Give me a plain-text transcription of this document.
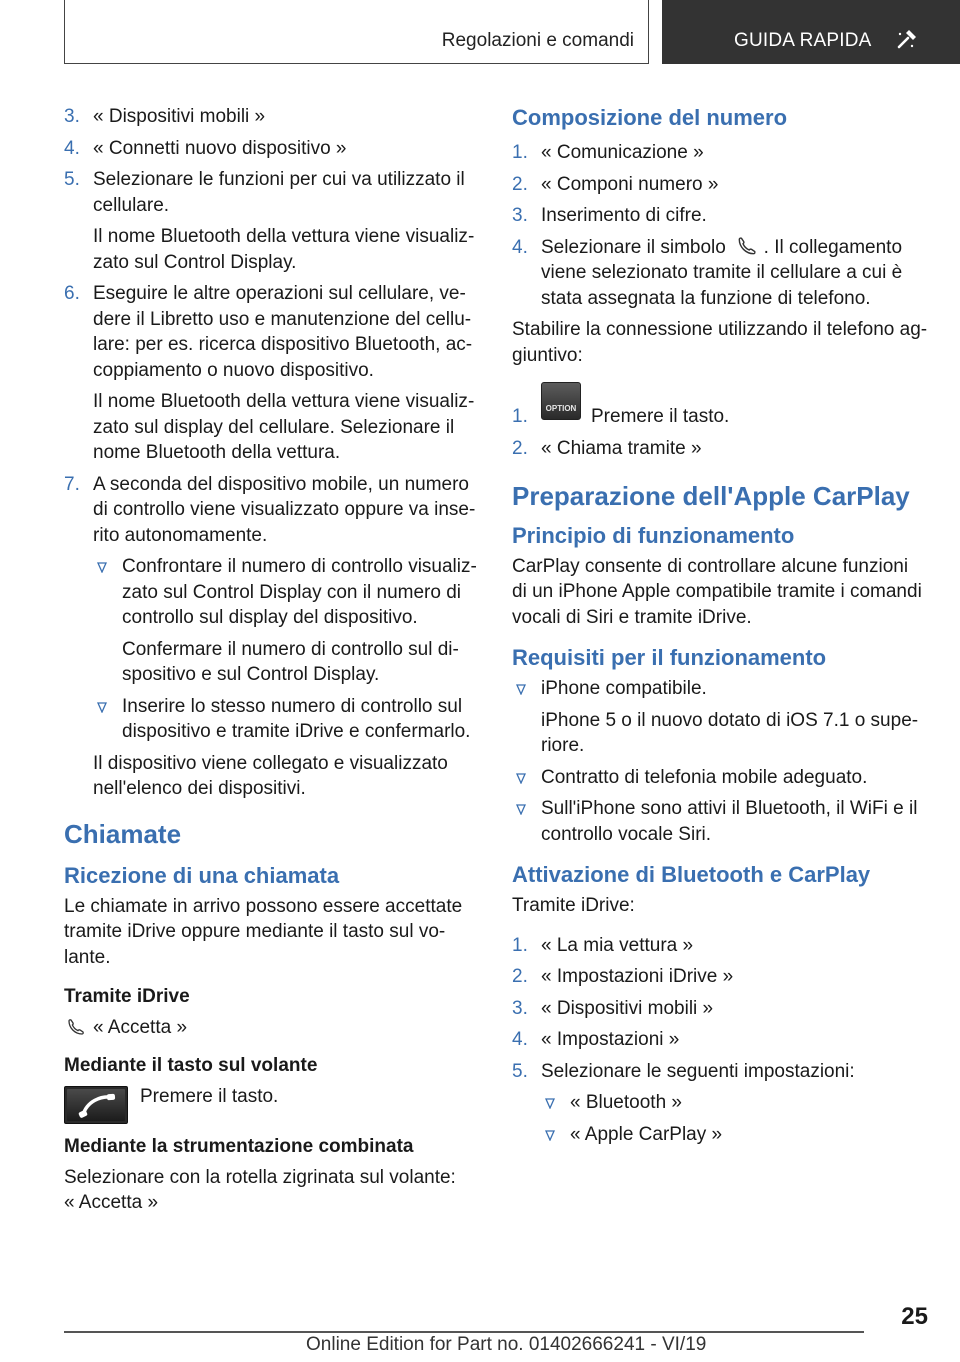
Regolazioni e comandi	GUIDA RAPIDA
3. « Dispositivi mobili »

4. « Connetti nuovo dispositivo »

5. Selezionare le funzioni per cui va utilizzato il cellulare.

Il nome Bluetooth della vettura viene visualizzato sul Control Display.

6. Eseguire le altre operazioni sul cellulare, vedere il Libretto uso e manutenzione del cellulare: per es. ricerca dispositivo Bluetooth, accoppiamento o nuovo dispositivo.

Il nome Bluetooth della vettura viene visualizzato sul display del cellulare. Selezionare il nome Bluetooth della vettura.

7. A seconda del dispositivo mobile, un numero di controllo viene visualizzato oppure va inserito autonomamente.

Confrontare il numero di controllo visualizzato sul Control Display con il numero di controllo sul display del dispositivo.

Confermare il numero di controllo sul dispositivo e sul Control Display.

Inserire lo stesso numero di controllo sul dispositivo e tramite iDrive e confermarlo.

Il dispositivo viene collegato e visualizzato nell'elenco dei dispositivi.

Chiamate
Ricezione di una chiamata

Le chiamate in arrivo possono essere accettate tramite iDrive oppure mediante il tasto sul volante.

Tramite iDrive
« Accetta »
Mediante il tasto sul volante
Premere il tasto.
Mediante la strumentazione combinata

Selezionare con la rotella zigrinata sul volante:

« Accetta »

Composizione del numero
1. « Comunicazione »

2. « Componi numero »

3. Inserimento di cifre.

4. Selezionare il simbolo . Il collegamento viene selezionato tramite il cellulare a cui è stata assegnata la funzione di telefono.

Stabilire la connessione utilizzando il telefono aggiuntivo:

1.	OPTION Premere il tasto.
2. « Chiama tramite »

Preparazione dell'Apple CarPlay
Principio di funzionamento

CarPlay consente di controllare alcune funzioni di un iPhone Apple compatibile tramite i comandi vocali di Siri e tramite iDrive.

Requisiti per il funzionamento

iPhone compatibile.

iPhone 5 o il nuovo dotato di iOS 7.1 o superiore.

Contratto di telefonia mobile adeguato.

Sull'iPhone sono attivi il Bluetooth, il WiFi e il controllo vocale Siri.

Attivazione di Bluetooth e CarPlay

Tramite iDrive:

1. « La mia vettura »

2. « Impostazioni iDrive »

3. « Dispositivi mobili »

4. « Impostazioni »

5. Selezionare le seguenti impostazioni:

« Bluetooth »

« Apple CarPlay »

25
Online Edition for Part no. 01402666241 - VI/19
